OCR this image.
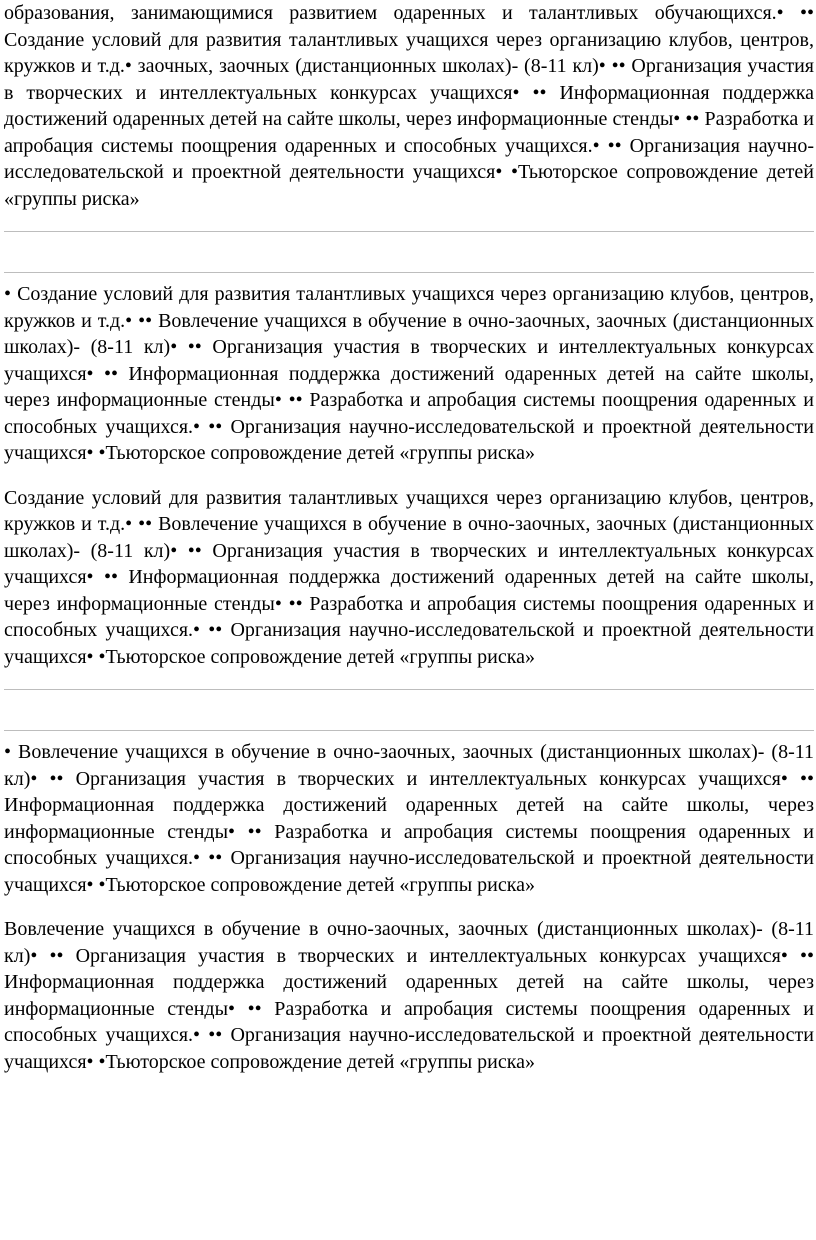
образования, занимающимися развитием одаренных и талантливых обучающихся.• •• Создание условий для развития талантливых учащихся через организацию клубов, центров, кружков и т.д.• заочных, заочных (дистанционных школах)- (8-11 кл)• •• Организация участия в творческих и интеллектуальных конкурсах учащихся• •• Информационная поддержка достижений одаренных детей на сайте школы, через информационные стенды• •• Разработка и апробация системы поощрения одаренных и способных учащихся.• •• Организация научно-исследовательской и проектной деятельности учащихся• •Тьюторское сопровождение детей «группы риска»

• Создание условий для развития талантливых учащихся через организацию клубов, центров, кружков и т.д.• •• Вовлечение учащихся в обучение в очно-заочных, заочных (дистанционных школах)- (8-11 кл)• •• Организация участия в творческих и интеллектуальных конкурсах учащихся• •• Информационная поддержка достижений одаренных детей на сайте школы, через информационные стенды• •• Разработка и апробация системы поощрения одаренных и способных учащихся.• •• Организация научно-исследовательской и проектной деятельности учащихся• •Тьюторское сопровождение детей «группы риска»

Создание условий для развития талантливых учащихся через организацию клубов, центров, кружков и т.д.• •• Вовлечение учащихся в обучение в очно-заочных, заочных (дистанционных школах)- (8-11 кл)• •• Организация участия в творческих и интеллектуальных конкурсах учащихся• •• Информационная поддержка достижений одаренных детей на сайте школы, через информационные стенды• •• Разработка и апробация системы поощрения одаренных и способных учащихся.• •• Организация научно-исследовательской и проектной деятельности учащихся• •Тьюторское сопровождение детей «группы риска»

• Вовлечение учащихся в обучение в очно-заочных, заочных (дистанционных школах)- (8-11 кл)• •• Организация участия в творческих и интеллектуальных конкурсах учащихся• •• Информационная поддержка достижений одаренных детей на сайте школы, через информационные стенды• •• Разработка и апробация системы поощрения одаренных и способных учащихся.• •• Организация научно-исследовательской и проектной деятельности учащихся• •Тьюторское сопровождение детей «группы риска»

Вовлечение учащихся в обучение в очно-заочных, заочных (дистанционных школах)- (8-11 кл)• •• Организация участия в творческих и интеллектуальных конкурсах учащихся• •• Информационная поддержка достижений одаренных детей на сайте школы, через информационные стенды• •• Разработка и апробация системы поощрения одаренных и способных учащихся.• •• Организация научно-исследовательской и проектной деятельности учащихся• •Тьюторское сопровождение детей «группы риска»
